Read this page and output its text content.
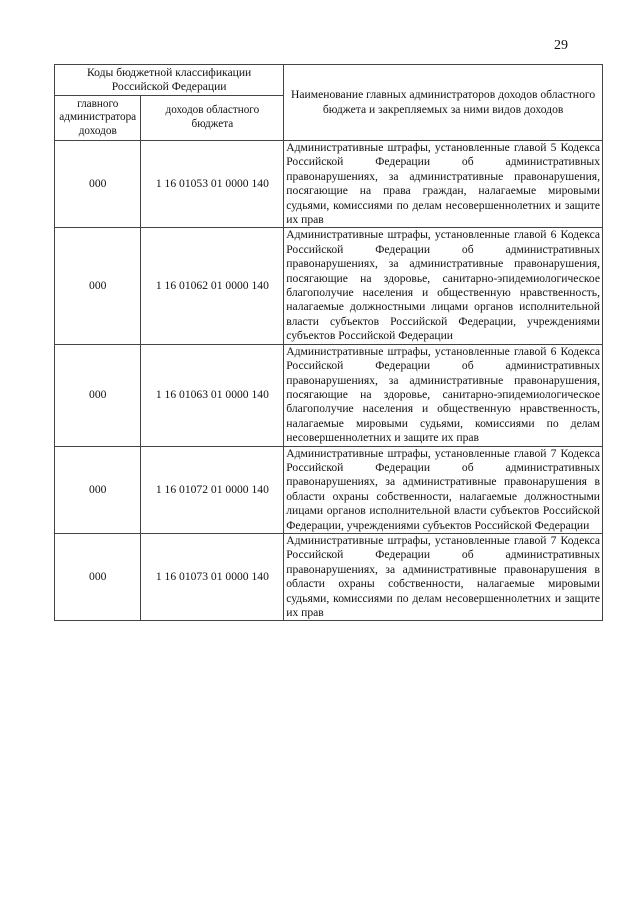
29
Коды бюджетной классификации Российской Федерации		Наименование главных администраторов доходов областного бюджета и закрепляемых за ними видов доходов
главного администратора доходов	доходов областного бюджета	
000	1 16 01053 01 0000 140	Административные штрафы, установленные главой 5 Кодекса Российской Федерации об административных правонарушениях, за административные правонарушения, посягающие на права граждан, налагаемые мировыми судьями, комиссиями по делам несовершеннолетних и защите их прав
000	1 16 01062 01 0000 140	Административные штрафы, установленные главой 6 Кодекса Российской Федерации об административных правонарушениях, за административные правонарушения, посягающие на здоровье, санитарно-эпидемиологическое благополучие населения и общественную нравственность, налагаемые должностными лицами органов исполнительной власти субъектов Российской Федерации, учреждениями субъектов Российской Федерации
000	1 16 01063 01 0000 140	Административные штрафы, установленные главой 6 Кодекса Российской Федерации об административных правонарушениях, за административные правонарушения, посягающие на здоровье, санитарно-эпидемиологическое благополучие населения и общественную нравственность, налагаемые мировыми судьями, комиссиями по делам несовершеннолетних и защите их прав
000	1 16 01072 01 0000 140	Административные штрафы, установленные главой 7 Кодекса Российской Федерации об административных правонарушениях, за административные правонарушения в области охраны собственности, налагаемые должностными лицами органов исполнительной власти субъектов Российской Федерации, учреждениями субъектов Российской Федерации
000	1 16 01073 01 0000 140	Административные штрафы, установленные главой 7 Кодекса Российской Федерации об административных правонарушениях, за административные правонарушения в области охраны собственности, налагаемые мировыми судьями, комиссиями по делам несовершеннолетних и защите их прав
